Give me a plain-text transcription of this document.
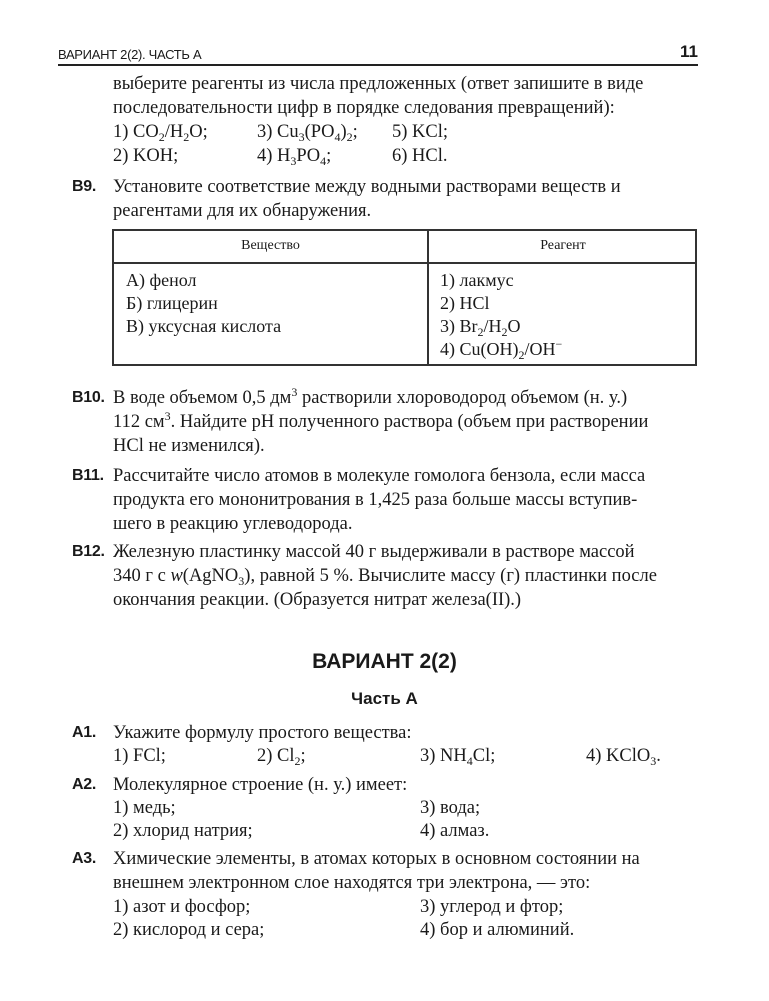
ВАРИАНТ 2(2). ЧАСТЬ А	11
выберите реагенты из числа предложенных (ответ запишите в виде
последовательности цифр в порядке следования превращений):
1) $CO_2/H_2O$;
2) KOH;
3) $Cu_3(PO_4)_2$;
4) $H_3PO_4$;
5) KCl;
6) HCl.
B9. Установите соответствие между водными растворами веществ и
реагентами для их обнаружения.
Вещество	Реагент
А) фенол
Б) глицерин
В) уксусная кислота
1) лакмус
2) HCl
3) $Br_2/H_2O$
4) $Cu(OH)_2/OH^-$
B10. В воде объемом 0,5 $дм^3$ растворили хлороводород объемом (н. у.)
112 $см^3$. Найдите pH полученного раствора (объем при растворении
HCl не изменился).
B11. Рассчитайте число атомов в молекуле гомолога бензола, если масса
продукта его мононитрования в 1,425 раза больше массы вступив-
шего в реакцию углеводорода.
B12. Железную пластинку массой 40 г выдерживали в растворе массой
340 г с w(AgNO$_3$), равной 5 %. Вычислите массу (г) пластинки после
окончания реакции. (Образуется нитрат железа(II).)
ВАРИАНТ 2(2)
Часть А
A1. Укажите формулу простого вещества:
1) FCl;	2) $Cl_2$;	3) $NH_4Cl$;	4) KClO$_3$.
A2. Молекулярное строение (н. у.) имеет:
1) медь;
2) хлорид натрия;
3) вода;
4) алмаз.
A3. Химические элементы, в атомах которых в основном состоянии на
внешнем электронном слое находятся три электрона, — это:
1) азот и фосфор;
2) кислород и сера;
3) углерод и фтор;
4) бор и алюминий.
